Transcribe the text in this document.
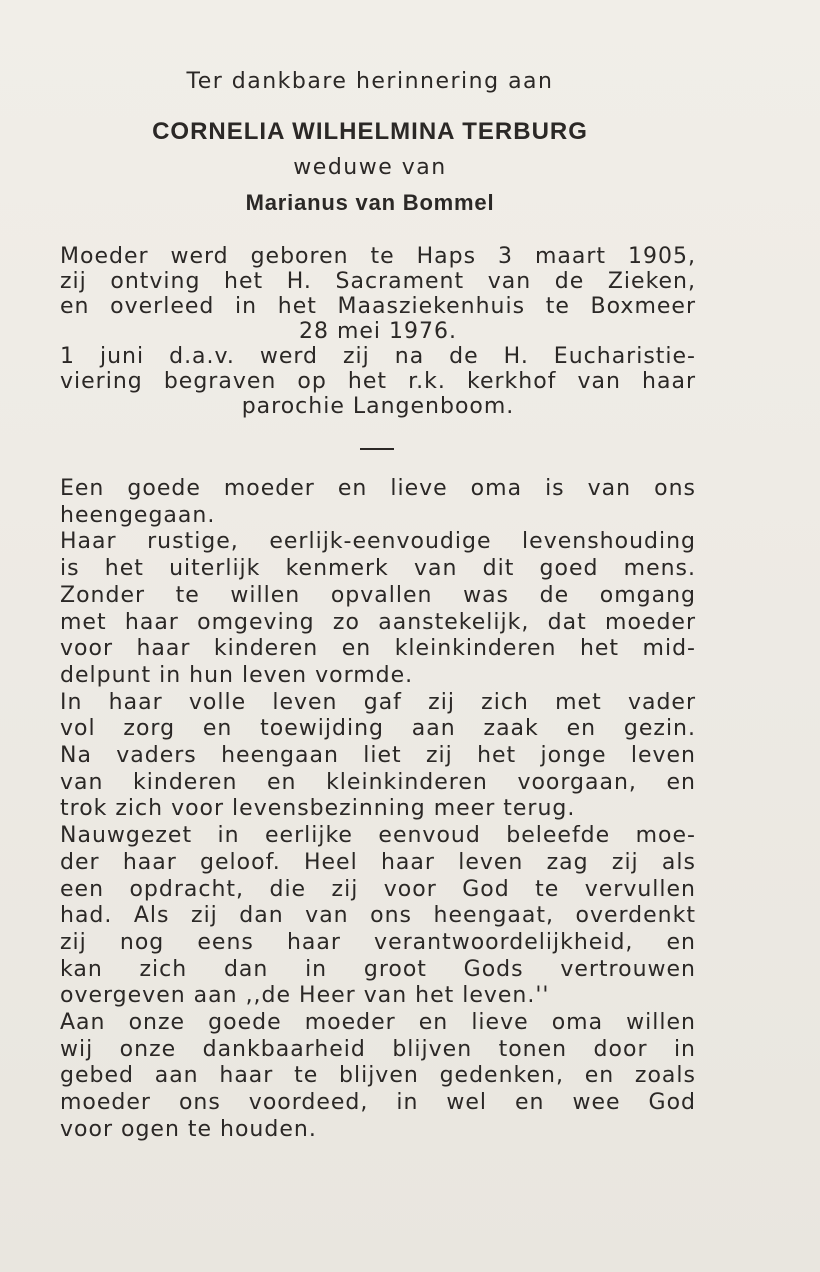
Ter dankbare herinnering aan
CORNELIA WILHELMINA TERBURG
weduwe van
Marianus van Bommel
Moeder werd geboren te Haps 3 maart 1905,
zij ontving het H. Sacrament van de Zieken,
en overleed in het Maasziekenhuis te Boxmeer
28 mei 1976.
1 juni d.a.v. werd zij na de H. Eucharistie-
viering begraven op het r.k. kerkhof van haar
parochie Langenboom.
Een goede moeder en lieve oma is van ons
heengegaan.
Haar rustige, eerlijk-eenvoudige levenshouding
is het uiterlijk kenmerk van dit goed mens.
Zonder te willen opvallen was de omgang
met haar omgeving zo aanstekelijk, dat moeder
voor haar kinderen en kleinkinderen het mid-
delpunt in hun leven vormde.
In haar volle leven gaf zij zich met vader
vol zorg en toewijding aan zaak en gezin.
Na vaders heengaan liet zij het jonge leven
van kinderen en kleinkinderen voorgaan, en
trok zich voor levensbezinning meer terug.
Nauwgezet in eerlijke eenvoud beleefde moe-
der haar geloof. Heel haar leven zag zij als
een opdracht, die zij voor God te vervullen
had. Als zij dan van ons heengaat, overdenkt
zij nog eens haar verantwoordelijkheid, en
kan zich dan in groot Gods vertrouwen
overgeven aan ,,de Heer van het leven.''
Aan onze goede moeder en lieve oma willen
wij onze dankbaarheid blijven tonen door in
gebed aan haar te blijven gedenken, en zoals
moeder ons voordeed, in wel en wee God
voor ogen te houden.
